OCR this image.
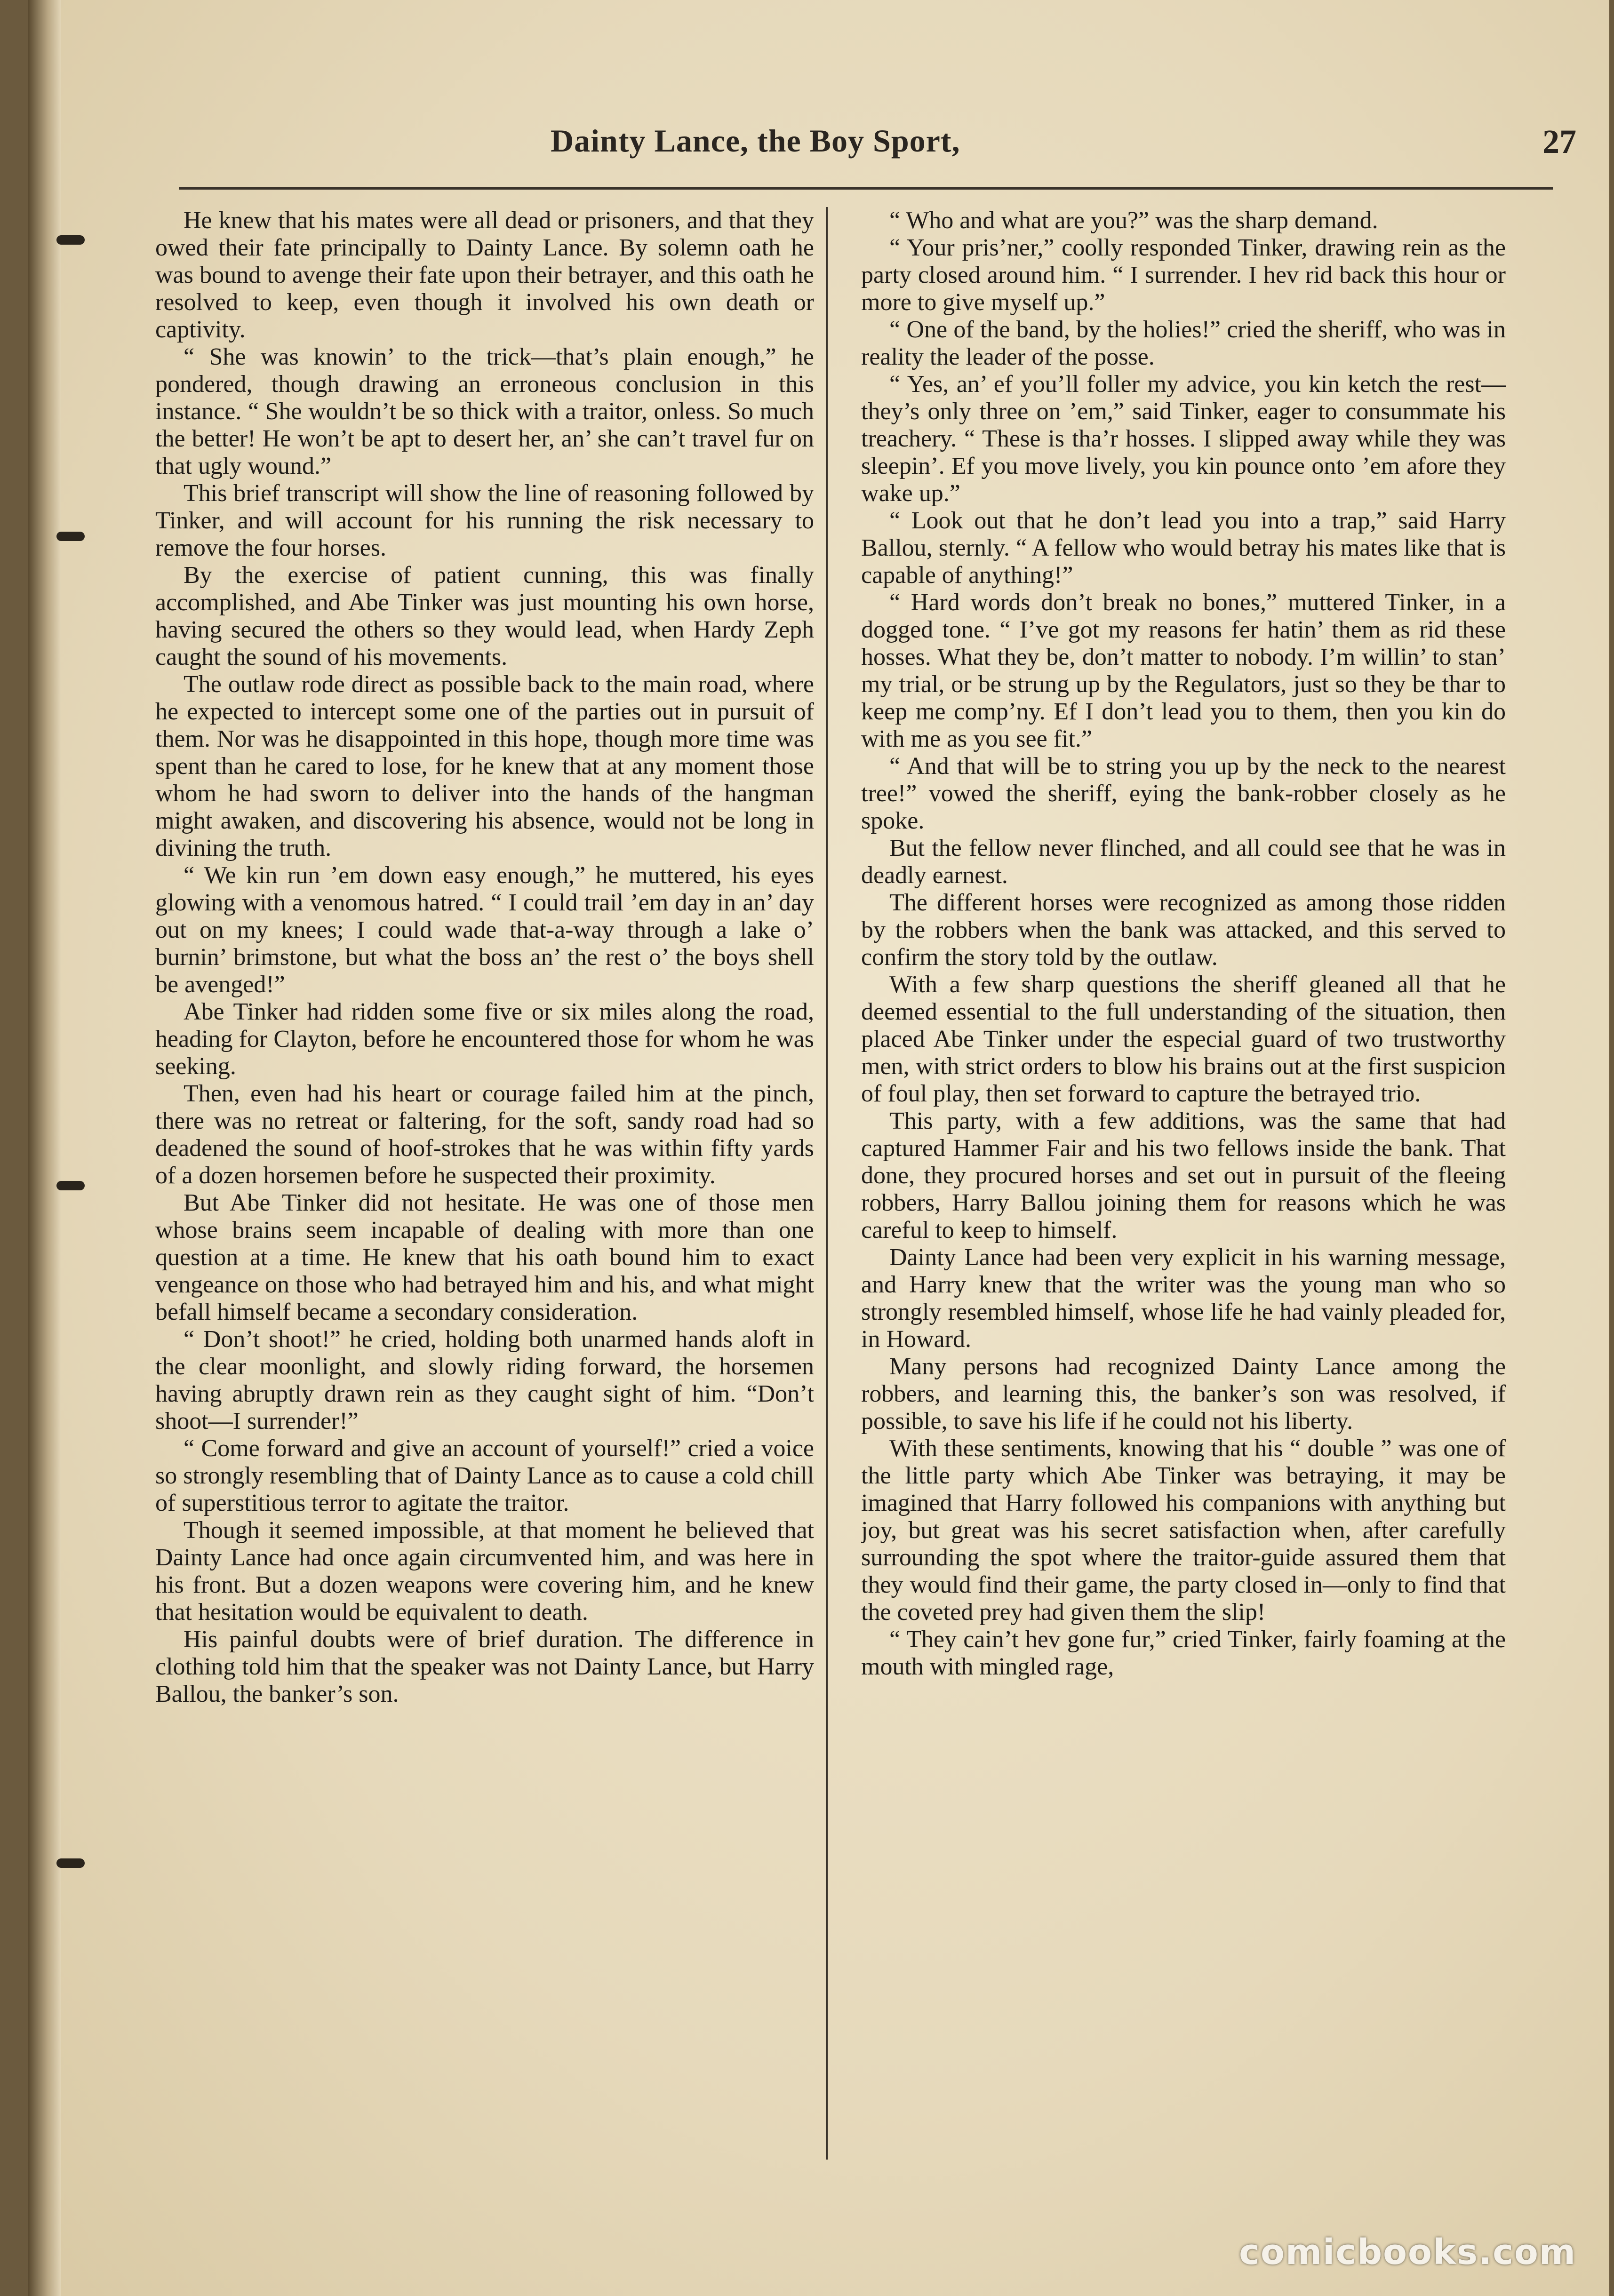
Dainty Lance, the Boy Sport,	27

He knew that his mates were all dead or prisoners, and that they owed their fate principally to Dainty Lance. By solemn oath he was bound to avenge their fate upon their betrayer, and this oath he resolved to keep, even though it involved his own death or captivity.

“ She was knowin’ to the trick—that’s plain enough,” he pondered, though drawing an erroneous conclusion in this instance. “ She wouldn’t be so thick with a traitor, onless. So much the better! He won’t be apt to desert her, an’ she can’t travel fur on that ugly wound.”

This brief transcript will show the line of reasoning followed by Tinker, and will account for his running the risk necessary to remove the four horses.

By the exercise of patient cunning, this was finally accomplished, and Abe Tinker was just mounting his own horse, having secured the others so they would lead, when Hardy Zeph caught the sound of his movements.

The outlaw rode direct as possible back to the main road, where he expected to intercept some one of the parties out in pursuit of them. Nor was he disappointed in this hope, though more time was spent than he cared to lose, for he knew that at any moment those whom he had sworn to deliver into the hands of the hangman might awaken, and discovering his absence, would not be long in divining the truth.

“ We kin run ’em down easy enough,” he muttered, his eyes glowing with a venomous hatred. “ I could trail ’em day in an’ day out on my knees; I could wade that-a-way through a lake o’ burnin’ brimstone, but what the boss an’ the rest o’ the boys shell be avenged!”

Abe Tinker had ridden some five or six miles along the road, heading for Clayton, before he encountered those for whom he was seeking.

Then, even had his heart or courage failed him at the pinch, there was no retreat or faltering, for the soft, sandy road had so deadened the sound of hoof-strokes that he was within fifty yards of a dozen horsemen before he suspected their proximity.

But Abe Tinker did not hesitate. He was one of those men whose brains seem incapable of dealing with more than one question at a time. He knew that his oath bound him to exact vengeance on those who had betrayed him and his, and what might befall himself became a secondary consideration.

“ Don’t shoot!” he cried, holding both unarmed hands aloft in the clear moonlight, and slowly riding forward, the horsemen having abruptly drawn rein as they caught sight of him. “Don’t shoot—I surrender!”

“ Come forward and give an account of yourself!” cried a voice so strongly resembling that of Dainty Lance as to cause a cold chill of superstitious terror to agitate the traitor.

Though it seemed impossible, at that moment he believed that Dainty Lance had once again circumvented him, and was here in his front. But a dozen weapons were covering him, and he knew that hesitation would be equivalent to death.

His painful doubts were of brief duration. The difference in clothing told him that the speaker was not Dainty Lance, but Harry Ballou, the banker’s son.

“ Who and what are you?” was the sharp demand.

“ Your pris’ner,” coolly responded Tinker, drawing rein as the party closed around him. “ I surrender. I hev rid back this hour or more to give myself up.”

“ One of the band, by the holies!” cried the sheriff, who was in reality the leader of the posse.

“ Yes, an’ ef you’ll foller my advice, you kin ketch the rest—they’s only three on ’em,” said Tinker, eager to consummate his treachery. “ These is tha’r hosses. I slipped away while they was sleepin’. Ef you move lively, you kin pounce onto ’em afore they wake up.”

“ Look out that he don’t lead you into a trap,” said Harry Ballou, sternly. “ A fellow who would betray his mates like that is capable of anything!”

“ Hard words don’t break no bones,” muttered Tinker, in a dogged tone. “ I’ve got my reasons fer hatin’ them as rid these hosses. What they be, don’t matter to nobody. I’m willin’ to stan’ my trial, or be strung up by the Regulators, just so they be thar to keep me comp’ny. Ef I don’t lead you to them, then you kin do with me as you see fit.”

“ And that will be to string you up by the neck to the nearest tree!” vowed the sheriff, eying the bank-robber closely as he spoke.

But the fellow never flinched, and all could see that he was in deadly earnest.

The different horses were recognized as among those ridden by the robbers when the bank was attacked, and this served to confirm the story told by the outlaw.

With a few sharp questions the sheriff gleaned all that he deemed essential to the full understanding of the situation, then placed Abe Tinker under the especial guard of two trustworthy men, with strict orders to blow his brains out at the first suspicion of foul play, then set forward to capture the betrayed trio.

This party, with a few additions, was the same that had captured Hammer Fair and his two fellows inside the bank. That done, they procured horses and set out in pursuit of the fleeing robbers, Harry Ballou joining them for reasons which he was careful to keep to himself.

Dainty Lance had been very explicit in his warning message, and Harry knew that the writer was the young man who so strongly resembled himself, whose life he had vainly pleaded for, in Howard.

Many persons had recognized Dainty Lance among the robbers, and learning this, the banker’s son was resolved, if possible, to save his life if he could not his liberty.

With these sentiments, knowing that his “ double ” was one of the little party which Abe Tinker was betraying, it may be imagined that Harry followed his companions with anything but joy, but great was his secret satisfaction when, after carefully surrounding the spot where the traitor-guide assured them that they would find their game, the party closed in—only to find that the coveted prey had given them the slip!

“ They cain’t hev gone fur,” cried Tinker, fairly foaming at the mouth with mingled rage,

comicbooks.com
